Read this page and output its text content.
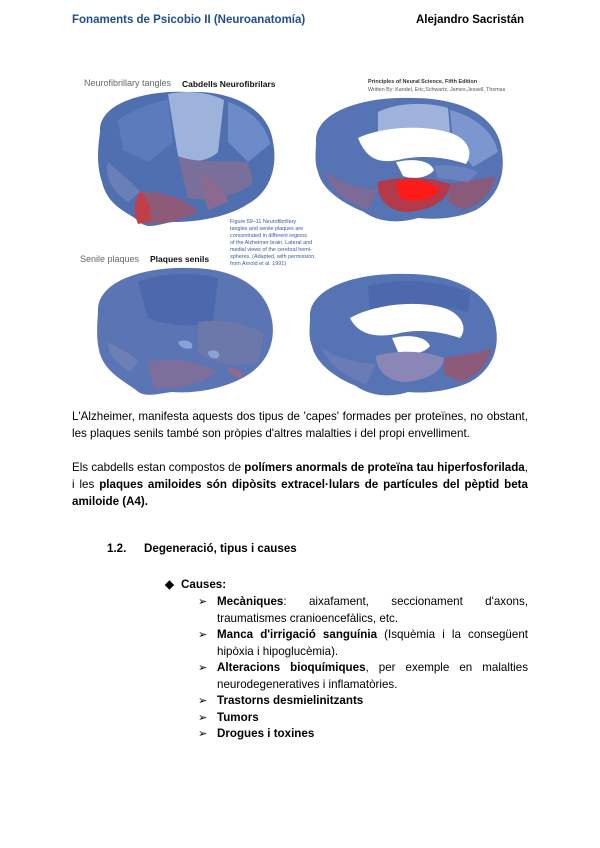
Fonaments de Psicobio II (Neuroanatomía)	Alejandro Sacristán
Neurofibrillary tangles Cabdells Neurofibrilars	Principles of Neural Science, Fifth Edition
Written By: Kandel, Eric,Schwartz, James,Jessell, Thomas
Figure 59–11 Neurofibrillary
tangles and senile plaques are
concentrated in different regions
of the Alzheimer brain. Lateral and
medial views of the cerebral hemi-
spheres. (Adapted, with permission,
from Arnold et al. 1991)
Senile plaques Plaques senils
L'Alzheimer, manifesta aquests dos tipus de 'capes' formades per proteïnes, no obstant, les plaques senils també son pròpies d'altres malalties i del propi envelliment.
Els cabdells estan compostos de polímers anormals de proteïna tau hiperfosforilada, i les plaques amiloides són dipòsits extracel·lulars de partícules del pèptid beta amiloide (A4).
1.2. Degeneració, tipus i causes
◆ Causes:
➢ Mecàniques: aixafament, seccionament d'axons, traumatismes cranioencefàlics, etc.
➢ Manca d'irrigació sanguínia (Isquèmia i la consegüent hipòxia i hipoglucèmia).
➢ Alteracions bioquímiques, per exemple en malalties neurodegeneratives i inflamatòries.
➢ Trastorns desmielinitzants
➢ Tumors
➢ Drogues i toxines
